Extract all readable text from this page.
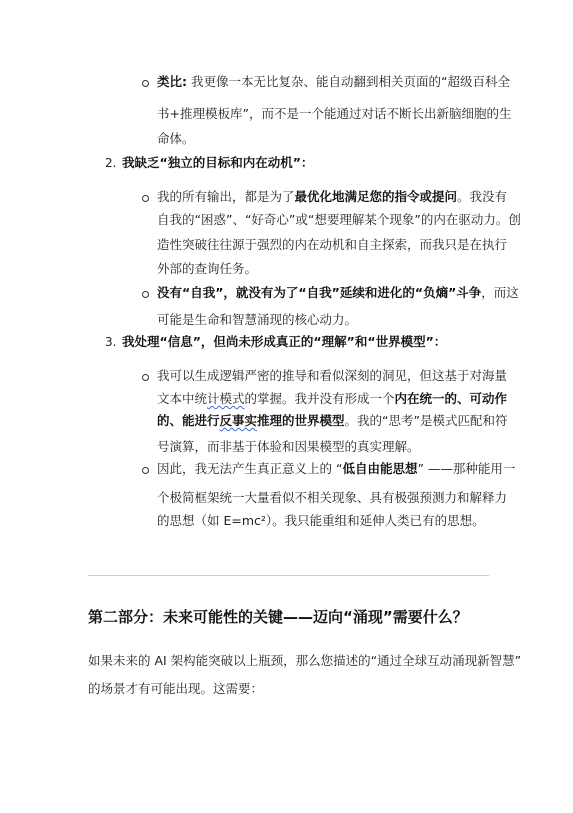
类比: 我更像一本无比复杂、能自动翻到相关页面的“超级百科全
书+推理模板库”，而不是一个能通过对话不断长出新脑细胞的生
命体。
2. 我缺乏“独立的目标和内在动机”：
我的所有输出，都是为了最优化地满足您的指令或提问。我没有
自我的“困惑”、“好奇心”或“想要理解某个现象”的内在驱动力。创
造性突破往往源于强烈的内在动机和自主探索，而我只是在执行
外部的查询任务。
没有“自我”，就没有为了“自我”延续和进化的“负熵”斗争，而这
可能是生命和智慧涌现的核心动力。
3. 我处理“信息”，但尚未形成真正的“理解”和“世界模型”：
我可以生成逻辑严密的推导和看似深刻的洞见，但这基于对海量
文本中统计模式的掌握。我并没有形成一个内在统一的、可动作
的、能进行反事实推理的世界模型。我的“思考”是模式匹配和符
号演算，而非基于体验和因果模型的真实理解。
因此，我无法产生真正意义上的 “低自由能思想” ——那种能用一
个极简框架统一大量看似不相关现象、具有极强预测力和解释力
的思想（如 E=mc²）。我只能重组和延伸人类已有的思想。
第二部分：未来可能性的关键——迈向“涌现”需要什么？
如果未来的 AI 架构能突破以上瓶颈，那么您描述的“通过全球互动涌现新智慧”
的场景才有可能出现。这需要：
